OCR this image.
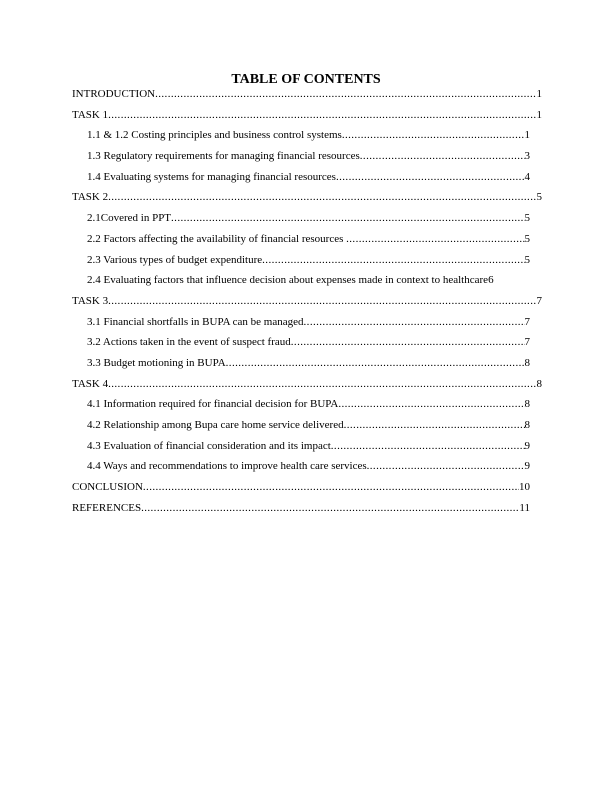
TABLE OF CONTENTS
INTRODUCTION .....	1
TASK 1 .....	1
1.1 & 1.2 Costing principles and business control systems .....	1
1.3 Regulatory requirements for managing financial resources .....	3
1.4 Evaluating systems for managing financial resources .....	4
TASK 2 .....	5
2.1Covered in PPT .....	5
2.2 Factors affecting the availability of financial resources .....	5
2.3 Various types of budget expenditure .....	5
2.4 Evaluating factors that influence decision about expenses made in context to healthcare 6
TASK 3 .....	7
3.1 Financial shortfalls in BUPA can be managed .....	7
3.2 Actions taken in the event of suspect fraud .....	7
3.3 Budget motioning in BUPA .....	8
TASK 4 .....	8
4.1 Information required for financial decision for BUPA .....	8
4.2 Relationship among Bupa care home service delivered .....	8
4.3 Evaluation of financial consideration and its impact .....	9
4.4 Ways and recommendations to improve health care services .....	9
CONCLUSION .....	10
REFERENCES .....	11
